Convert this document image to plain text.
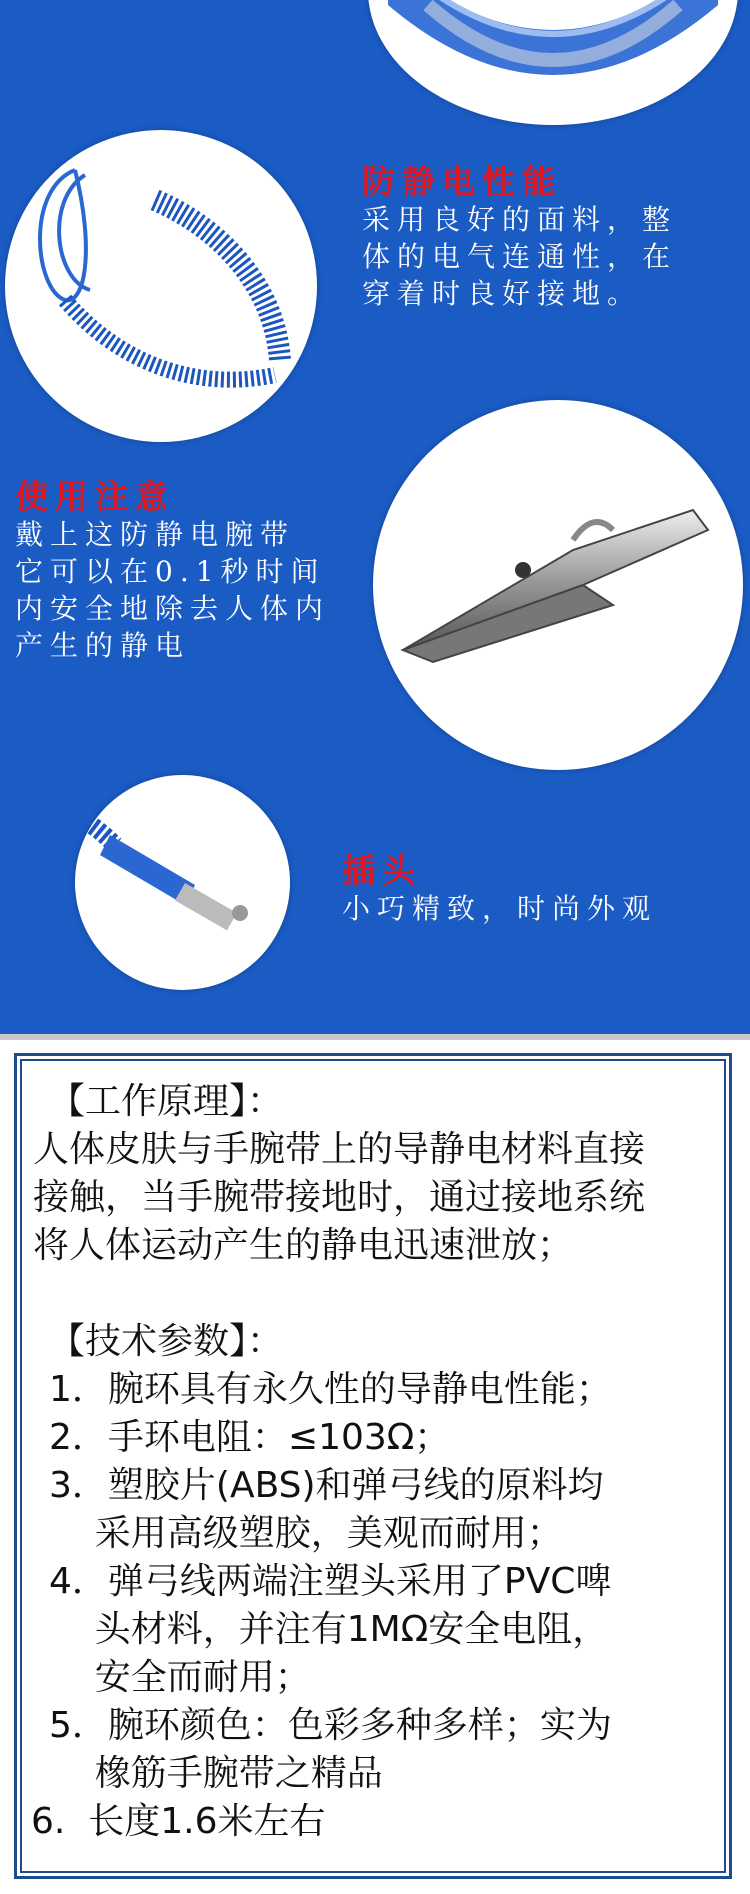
防静电性能
采用良好的面料，整
体的电气连通性，在
穿着时良好接地。
使用注意
戴上这防静电腕带
它可以在0.1秒时间
内安全地除去人体内
产生的静电
插头
小巧精致，时尚外观
【工作原理】：
人体皮肤与手腕带上的导静电材料直接
接触，当手腕带接地时，通过接地系统
将人体运动产生的静电迅速泄放；
【技术参数】：
1．腕环具有永久性的导静电性能；
2．手环电阻：≤103Ω；
3．塑胶片(ABS)和弹弓线的原料均
采用高级塑胶，美观而耐用；
4．弹弓线两端注塑头采用了PVC啤
头材料，并注有1MΩ安全电阻，
安全而耐用；
5．腕环颜色：色彩多种多样；实为
橡筋手腕带之精品
6.  长度1.6米左右
